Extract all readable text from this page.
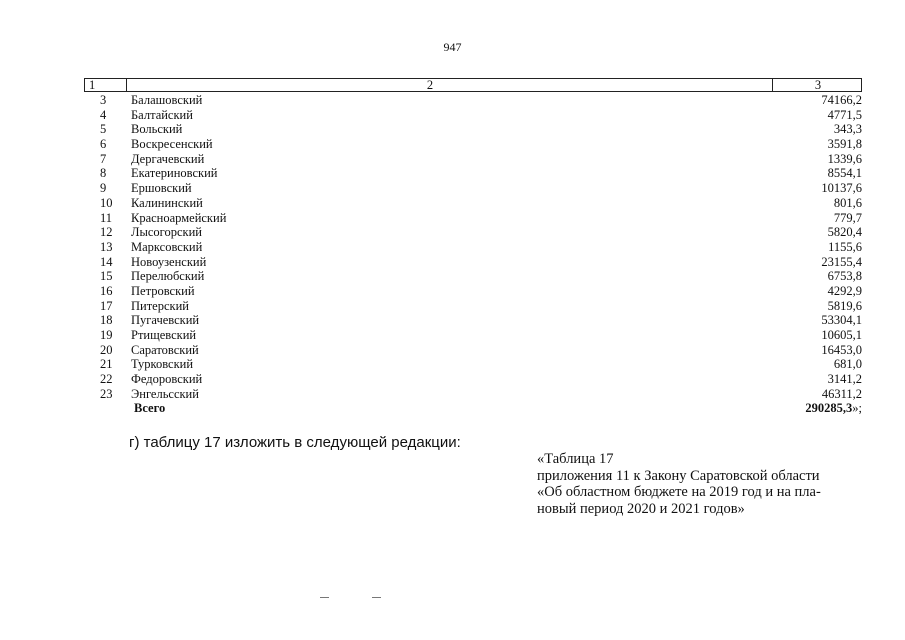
947
1	2	3
3 Балашовский	74166,2
4 Балтайский	4771,5
5 Вольский	343,3
6 Воскресенский	3591,8
7 Дергачевский	1339,6
8 Екатериновский	8554,1
9 Ершовский	10137,6
10 Калининский	801,6
11 Красноармейский	779,7
12 Лысогорский	5820,4
13 Марксовский	1155,6
14 Новоузенский	23155,4
15 Перелюбский	6753,8
16 Петровский	4292,9
17 Питерский	5819,6
18 Пугачевский	53304,1
19 Ртищевский	10605,1
20 Саратовский	16453,0
21 Турковский	681,0
22 Федоровский	3141,2
23 Энгельсский	46311,2
Всего	290285,3»;
г) таблицу 17 изложить в следующей редакции:
«Таблица 17
приложения 11 к Закону Саратовской области
«Об областном бюджете на 2019 год и на пла-
новый период 2020 и 2021 годов»
